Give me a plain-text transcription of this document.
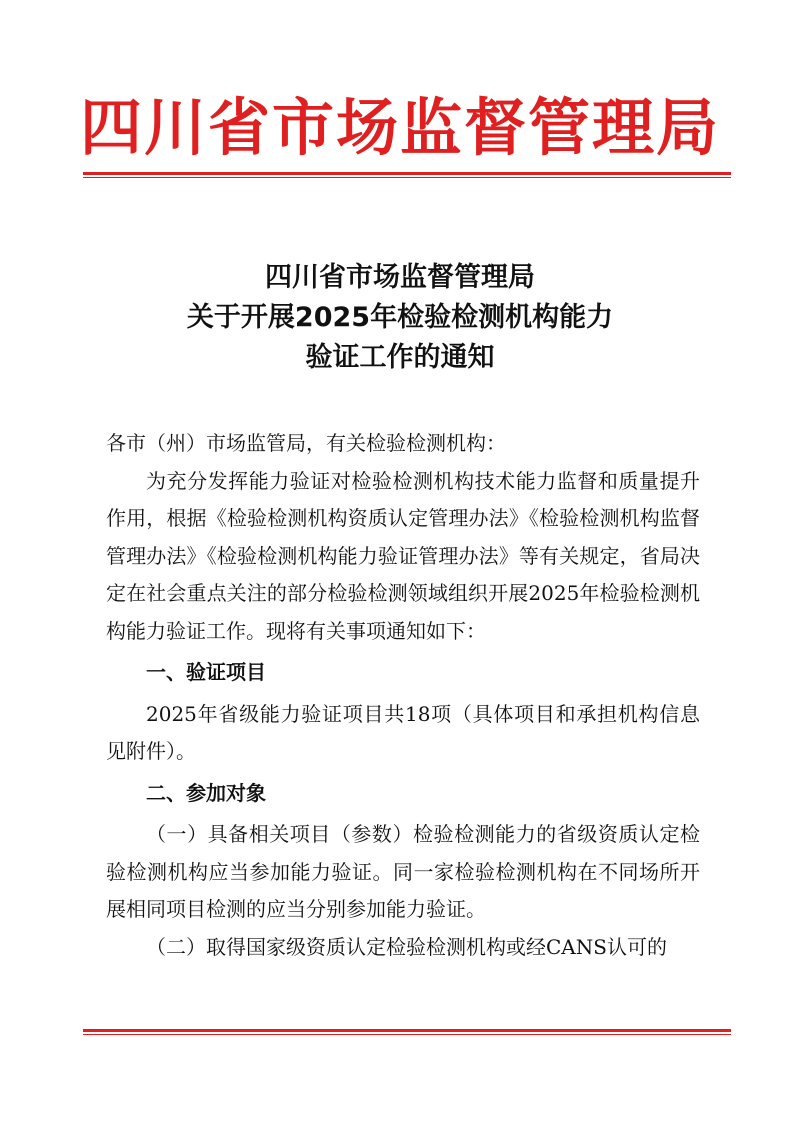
四川省市场监督管理局
四川省市场监督管理局
关于开展2025年检验检测机构能力
验证工作的通知

各市（州）市场监管局，有关检验检测机构：

为充分发挥能力验证对检验检测机构技术能力监督和质量提升作用，根据《检验检测机构资质认定管理办法》《检验检测机构监督管理办法》《检验检测机构能力验证管理办法》等有关规定，省局决定在社会重点关注的部分检验检测领域组织开展2025年检验检测机构能力验证工作。现将有关事项通知如下：

一、验证项目

2025年省级能力验证项目共18项（具体项目和承担机构信息见附件）。

二、参加对象

（一）具备相关项目（参数）检验检测能力的省级资质认定检验检测机构应当参加能力验证。同一家检验检测机构在不同场所开展相同项目检测的应当分别参加能力验证。

（二）取得国家级资质认定检验检测机构或经CANS认可的
